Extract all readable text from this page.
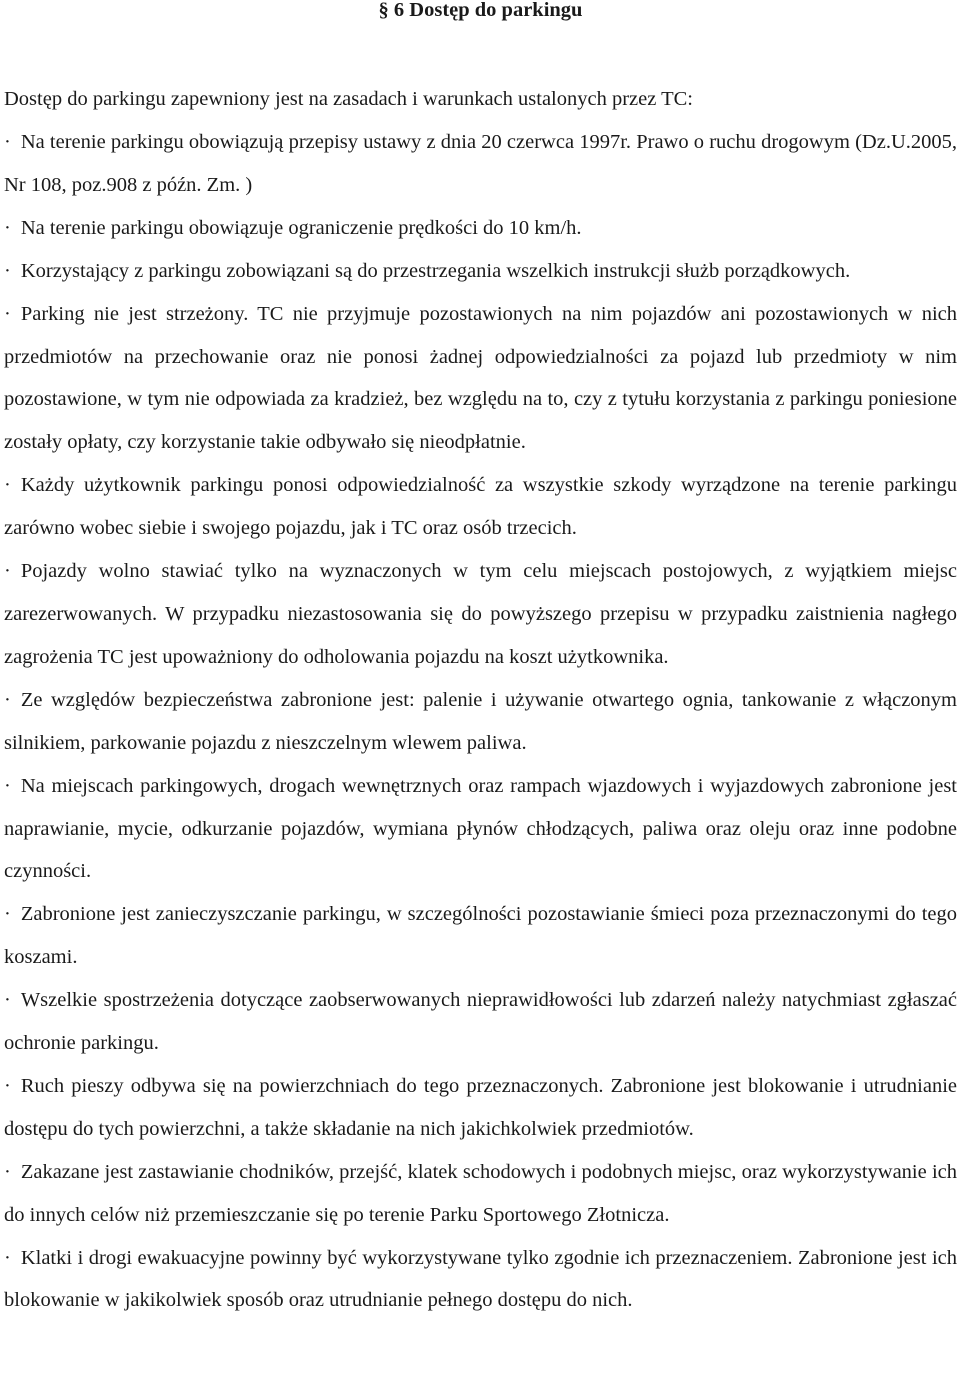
§ 6 Dostęp do parkingu

Dostęp do parkingu zapewniony jest na zasadach i warunkach ustalonych przez TC:

· Na terenie parkingu obowiązują przepisy ustawy z dnia 20 czerwca 1997r. Prawo o ruchu drogowym (Dz.U.2005, Nr 108, poz.908 z późn. Zm. )
· Na terenie parkingu obowiązuje ograniczenie prędkości do 10 km/h.
· Korzystający z parkingu zobowiązani są do przestrzegania wszelkich instrukcji służb porządkowych.
· Parking nie jest strzeżony. TC nie przyjmuje pozostawionych na nim pojazdów ani pozostawionych w nich przedmiotów na przechowanie oraz nie ponosi żadnej odpowiedzialności za pojazd lub przedmioty w nim pozostawione, w tym nie odpowiada za kradzież, bez względu na to, czy z tytułu korzystania z parkingu poniesione zostały opłaty, czy korzystanie takie odbywało się nieodpłatnie.
· Każdy użytkownik parkingu ponosi odpowiedzialność za wszystkie szkody wyrządzone na terenie parkingu zarówno wobec siebie i swojego pojazdu, jak i TC oraz osób trzecich.
· Pojazdy wolno stawiać tylko na wyznaczonych w tym celu miejscach postojowych, z wyjątkiem miejsc zarezerwowanych. W przypadku niezastosowania się do powyższego przepisu w przypadku zaistnienia nagłego zagrożenia TC jest upoważniony do odholowania pojazdu na koszt użytkownika.
· Ze względów bezpieczeństwa zabronione jest: palenie i używanie otwartego ognia, tankowanie z włączonym silnikiem, parkowanie pojazdu z nieszczelnym wlewem paliwa.
· Na miejscach parkingowych, drogach wewnętrznych oraz rampach wjazdowych i wyjazdowych zabronione jest naprawianie, mycie, odkurzanie pojazdów, wymiana płynów chłodzących, paliwa oraz oleju oraz inne podobne czynności.
· Zabronione jest zanieczyszczanie parkingu, w szczególności pozostawianie śmieci poza przeznaczonymi do tego koszami.
· Wszelkie spostrzeżenia dotyczące zaobserwowanych nieprawidłowości lub zdarzeń należy natychmiast zgłaszać ochronie parkingu.
· Ruch pieszy odbywa się na powierzchniach do tego przeznaczonych. Zabronione jest blokowanie i utrudnianie dostępu do tych powierzchni, a także składanie na nich jakichkolwiek przedmiotów.
· Zakazane jest zastawianie chodników, przejść, klatek schodowych i podobnych miejsc, oraz wykorzystywanie ich do innych celów niż przemieszczanie się po terenie Parku Sportowego Złotnicza.
· Klatki i drogi ewakuacyjne powinny być wykorzystywane tylko zgodnie ich przeznaczeniem. Zabronione jest ich blokowanie w jakikolwiek sposób oraz utrudnianie pełnego dostępu do nich.
